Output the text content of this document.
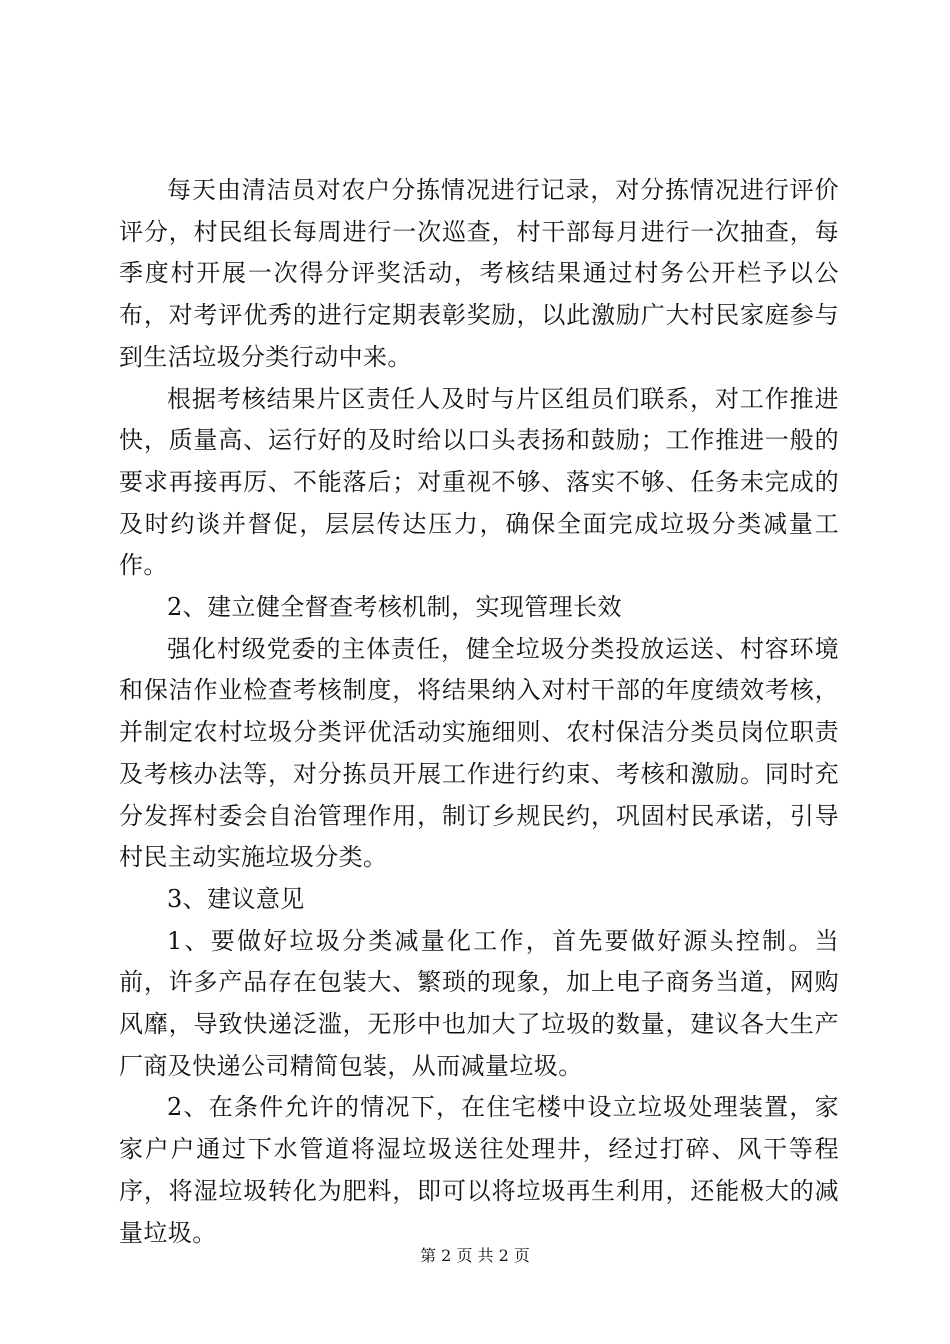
每天由清洁员对农户分拣情况进行记录，对分拣情况进行评价评分，村民组长每周进行一次巡查，村干部每月进行一次抽查，每季度村开展一次得分评奖活动，考核结果通过村务公开栏予以公布，对考评优秀的进行定期表彰奖励，以此激励广大村民家庭参与到生活垃圾分类行动中来。

根据考核结果片区责任人及时与片区组员们联系，对工作推进快，质量高、运行好的及时给以口头表扬和鼓励；工作推进一般的要求再接再厉、不能落后；对重视不够、落实不够、任务未完成的及时约谈并督促，层层传达压力，确保全面完成垃圾分类减量工作。

2、建立健全督查考核机制，实现管理长效

强化村级党委的主体责任，健全垃圾分类投放运送、村容环境和保洁作业检查考核制度，将结果纳入对村干部的年度绩效考核，并制定农村垃圾分类评优活动实施细则、农村保洁分类员岗位职责及考核办法等，对分拣员开展工作进行约束、考核和激励。同时充分发挥村委会自治管理作用，制订乡规民约，巩固村民承诺，引导村民主动实施垃圾分类。

3、建议意见

1、要做好垃圾分类减量化工作，首先要做好源头控制。当前，许多产品存在包装大、繁琐的现象，加上电子商务当道，网购风靡，导致快递泛滥，无形中也加大了垃圾的数量，建议各大生产厂商及快递公司精简包装，从而减量垃圾。

2、在条件允许的情况下，在住宅楼中设立垃圾处理装置，家家户户通过下水管道将湿垃圾送往处理井，经过打碎、风干等程序，将湿垃圾转化为肥料，即可以将垃圾再生利用，还能极大的减量垃圾。

第 2 页 共 2 页
